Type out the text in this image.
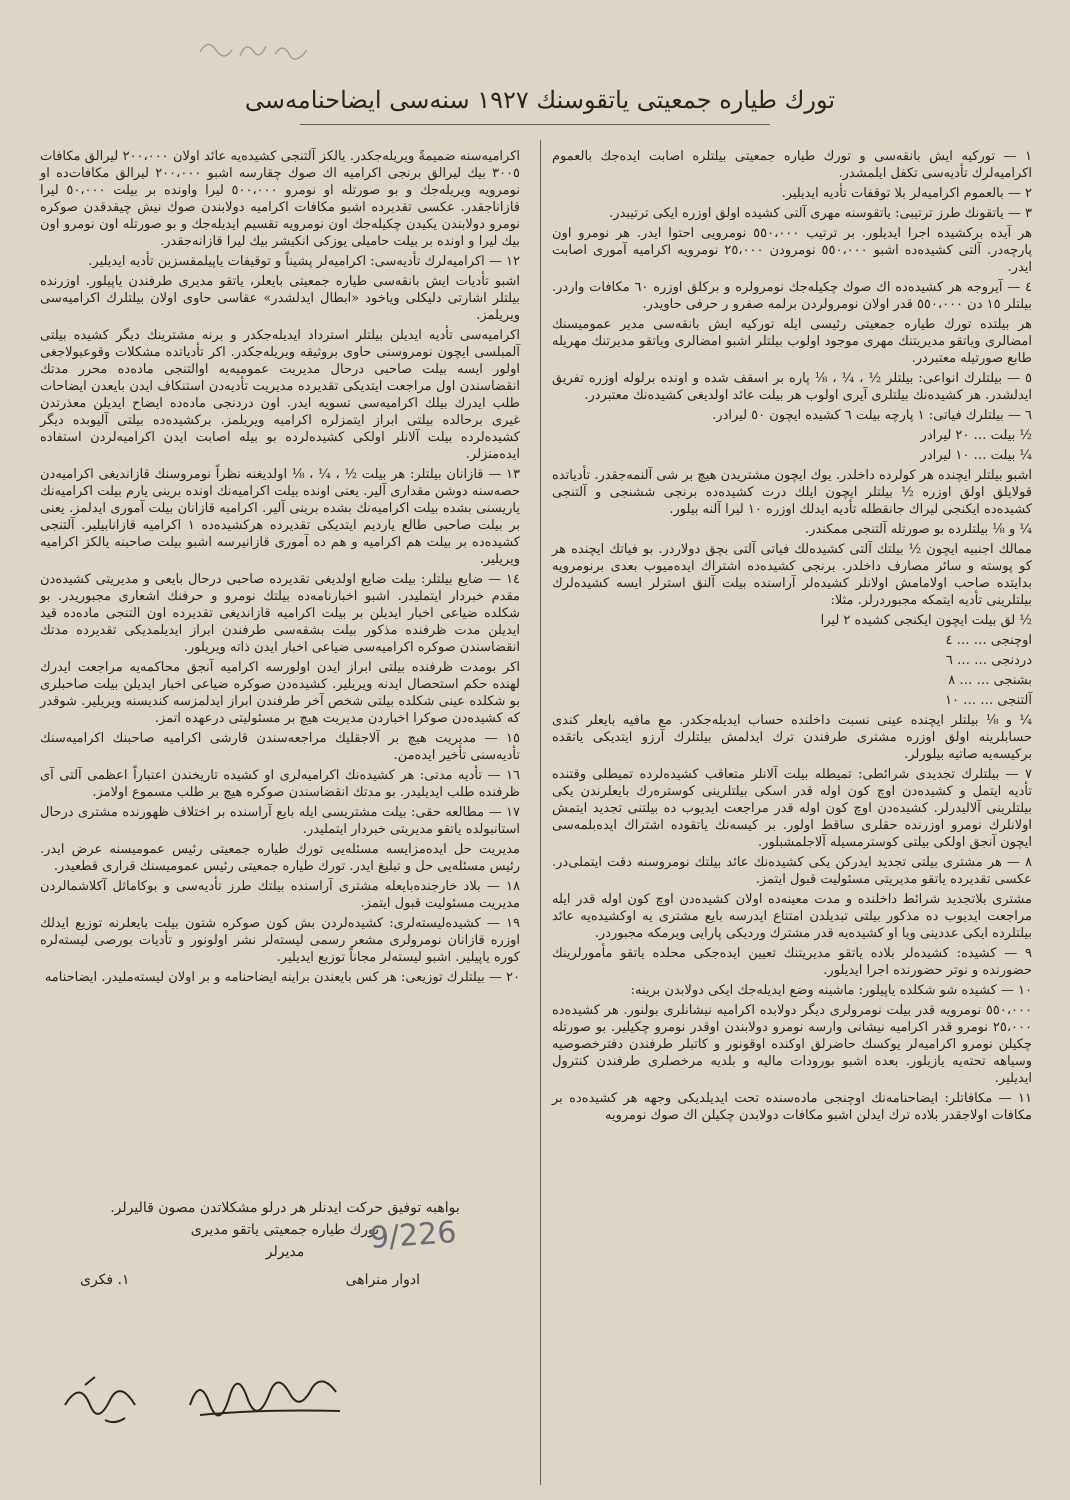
تورك طیاره جمعیتی یاتقوسنك ۱۹۲۷ سنه‌سی ایضاحنامه‌سی

۱ — توركیه ایش بانقه‌سی و تورك طیاره جمعیتی بیلتلره اصابت ایده‌جك بالعموم اكرامیه‌لرك تأدیه‌سی تكفل ایلمشدر.

۲ — بالعموم اكرامیه‌لر بلا توقفات تأدیه ایدیلیر.

۳ — یاتقونك طرز ترتیبی: یاتقوسنه مهری آلتی كشیده اولق اوزره ایكی ترتیبدر.

هر آیده بركشیده اجرا ایدیلور. بر ترتیب ٥٥٠،٠٠٠ نومرویی احتوا ایدر. هر نومرو اون پارچه‌در. آلتی كشیده‌ده اشبو ٥٥٠،٠٠٠ نومرودن ٢٥،٠٠٠ نومرویه اكرامیه آموری اصابت ایدر.

٤ — آیروجه هر كشیده‌ده اك صوك چكیله‌جك نومرولره و بركلق اوزره ٦٠ مكافات واردر. بیلتلر ١٥ دن ٥٥٠،٠٠٠ قدر اولان نومرولردن برلمه صفرو ر حرفی حاویدر.

هر بیلتده تورك طیاره جمعیتی رئیسی ایله توركیه ایش بانقه‌سی مدیر عمومیسنك امضالری ویاتقو مدیریتنك مهری موجود اولوب بیلتلر اشبو امضالری ویاتقو مدیرتنك مهریله طابع صورتیله معتبردر.

٥ — بیلتلرك انواعی: بیلتلر ½ ، ¼ ، ⅛ پاره بر اسقف شده و اونده برلوله اوزره تفریق ایدلشدر. هر كشیده‌نك بیلتلری آیری اولوب هر بیلت عائد اولدیغی كشیده‌نك معتبردر.

٦ — بیلتلرك فیاتی: ١ پارچه بیلت ٦ كشیده ایچون ٥٠ لیرادر.

½ بیلت … ٢٠ لیرادر

¼ بیلت … ١٠ لیرادر

اشبو بیلتلر ایچنده هر كولرده داخلدر. یوك ایچون مشتریدن هیچ بر شی آلنمه‌جقدر. تأدیاتده قولایلق اولق اوزره ½ بیلتلر ایچون ایلك درت كشیده‌ده برنجی ششنجی و آلتنجی كشیده‌ده ایكنجی لیراك جانقطله تأدیه ایدلك اوزره ١٠ لیرا آلنه بیلور.

¼ و ⅛ بیلتلرده بو صورتله آلتنجی ممكندر.

ممالك اجنبیه ایچون ½ بیلتك آلتی كشیده‌لك فیاتی آلتی بچق دولاردر. بو فیاتك ایچنده هر كو پوسته و سائر مصارف داخلدر. برنجی كشیده‌ده اشتراك ایده‌میوب بعدی برنومرویه بدایتده صاحب اولامامش اولانلر كشیده‌لر آراسنده بیلت آلنق استرلر ایسه كشیده‌لرك بیلتلرینی تأدیه ایتمكه مجبوردرلر. مثلا:

½ لق بیلت ایچون ایكنجی كشیده ٢ لیرا

اوچنجی … … ٤

دردنجی … … ٦

بشنجی … … ٨

آلتنجی … … ١٠

¼ و ⅛ بیلتلر ایچنده عینی نسبت داخلنده حساب ایدیله‌جكدر. مع مافیه بایعلر كندی حسابلرینه اولق اوزره مشتری طرفندن ترك ایدلمش بیلتلرك آرزو ایتدیكی یاتقده بركیسه‌یه صاتیه بیلورلر.

۷ — بیلتلرك تجدیدی شرائطی: تمیطله بیلت آلانلر متعاقب كشیده‌لرده تمیطلی وقتنده تأدیه ایتمل و كشیده‌دن اوچ كون اوله قدر اسكی بیلتلرینی كوستره‌رك بایعلرندن یكی بیلتلرینی آلالیدرلر. كشیده‌دن اوچ كون اوله قدر مراجعت ایدیوب ده بیلتنی تجدید ایتمش اولانلرك نومرو اوزرنده حقلری ساقط اولور. بر كیسه‌نك یاتقوده اشتراك ایده‌بلمه‌سی ایچون آنجق اولكی بیلتی كوسترمسیله آلاجلمشبلور.

۸ — هر مشتری بیلتی تجدید ایدرکن یكی كشیده‌نك عائد بیلتك نومروسنه دقت ایتملی‌در. عكسی تقدیرده یاتقو مدیریتی مسئولیت قبول ایتمز.

مشتری بلاتجدید شرائط داخلنده و مدت معینه‌ده اولان كشیده‌دن اوچ كون اوله قدر ایله مراجعت ایدیوب ده مذكور بیلتی تبدیلدن امتناع ایدرسه بایع مشتری یه اوكشیده‌یه عائد بیلتلرده ایكی عددینی ویا او كشیده‌یه قدر مشترك وردیكی پارایی ویرمكه مجبوردر.

۹ — كشیده: كشیده‌لر بلاده یاتقو مدیریتنك تعیین ایده‌جكی محلده یاتقو مأمورلرینك حضورنده و نوتر حضورنده اجرا ایدیلور.

۱۰ — كشیده شو شكلده یاپیلور: ماشینه وضع ایدیله‌جك ایكی دولابدن برینه:

٥٥٠،٠٠٠ نومرویه قدر بیلت نومرولری دیگر دولابده اكرامیه نیشانلری بولنور. هر كشیده‌ده ٢٥،٠٠٠ نومرو قدر اكرامیه نیشانی وارسه نومرو دولابندن اوقدر نومرو چكیلیر. بو صورتله چكیلن نومرو اكرامیه‌لر یوكسك حاضرلق اوكنده اوقونور و كاتبلر طرفندن دفترخصوصیه وسیاهه تحته‌یه یازیلور. بعده اشبو بورودات مالیه و بلدیه مرخصلری طرفندن كنترول ایدیلیر.

۱۱ — مكافاتلر: ایضاحنامه‌نك اوچنجی ماده‌سنده تحت ایدیلدیكی وجهه هر كشیده‌ده بر مكافات اولاجقدر بلاده ترك ایدلن اشبو مكافات دولابدن چكیلن اك صوك نومرویه

اكرامیه‌سنه ضمیمةً ویریله‌جكدر. یالكز آلتنجی كشیده‌یه عائد اولان ٢٠٠،٠٠٠ لیرالق مكافات ٣٠٠٥ بیك لیرالق برنجی اكرامیه اك صوك چقارسه اشبو ٢٠٠،٠٠٠ لیرالق مكافات‌ده او نومرویه ویریله‌جك و بو صورتله او نومرو ٥٠٠،٠٠٠ لیرا واونده بر بیلت ٥٠،٠٠٠ لیرا قازاناجقدر. عكسی تقدیرده اشبو مكافات اكرامیه دولابندن صوك نیش چیقدقدن صوكره نومرو دولابندن یكیدن چكیله‌جك اون نومرویه تقسیم ایدیله‌جك و بو صورتله اون نومرو اون بیك لیرا و اونده بر بیلت حامیلی یوزكی انكیشر بیك لیرا قازانه‌جقدر.

۱۲ — اكرامیه‌لرك تأدیه‌سی: اكرامیه‌لر پشیناً و توقیفات یاپیلمقسزین تأدیه ایدیلیر.

اشبو تأدیات ایش بانقه‌سی طیاره جمعیتی بایعلر، یاتقو مدیری طرفندن یاپیلور. اوزرنده بیلتلر اشارتی دلیكلی ویاخود «ابطال ایدلشدر» عقاسی حاوی اولان بیلتلرك اكرامیه‌سی ویریلمز.

اكرامیه‌سی تأدیه ایدیلن بیلتلر استرداد ایدیله‌جكدر و برنه مشترینك دیگر كشیده بیلتی آلمبلسی ایچون نومروسنی حاوی بروثیقه ویریله‌جكدر. اكر تأدیاتده مشكلات وقوعبولاجغی اولور ایسه بیلت صاحبی درحال مدیریت عمومیه‌یه اوالتنجی ماده‌ده محرر مدتك انقضاسندن اول مراجعت ایتدیكی تقدیرده مدیریت تأدیه‌دن استنكاف ایدن بایعدن ایضاحات طلب ایدرك بیلك اكرامیه‌سی تسویه ایدر. اون دردنجی ماده‌ده ایضاح ایدیلن معذرتدن غیری برحالده بیلتی ابراز ایتمزلره اكرامیه ویریلمز. بركشیده‌ده بیلتی آلیوبده دیگر كشیده‌لرده بیلت آلانلر اولكی كشیده‌لرده بو بیله اصابت ایدن اكرامیه‌لردن استفاده ایده‌منزلر.

۱۳ — قازانان بیلتلر: هر بیلت ½ ، ¼ ، ⅛ اولدیغنه نظراً نومروسنك قازاندیغی اكرامیه‌دن حصه‌سنه دوشن مقداری آلیر. یعنی اونده بیلت اكرامیه‌نك اونده برینی یارم بیلت اكرامیه‌نك یاریسنی بشده بیلت اكرامیه‌نك بشده برینی آلیر. اكرامیه قازانان بیلت آموری ایدلمز. یعنی بر بیلت صاحبی طالع یاردیم ایتدیكی تقدیرده هركشیده‌ده ١ اكرامیه قازانابیلیر. آلتنجی كشیده‌ده بر بیلت هم اكرامیه و هم ده آموری قازانیرسه اشبو بیلت صاحبنه یالكز اكرامیه ویریلیر.

۱٤ — ضایع بیلتلر: بیلت ضایع اولدیغی تقدیرده صاحبی درحال بایعی و مدیریتی كشیده‌دن مقدم خبردار ایتملیدر. اشبو اخبارنامه‌ده بیلتك نومرو و حرفنك اشعاری مجبوریدر. بو شكلده ضیاعی اخبار ایدیلن بر بیلت اكرامیه قازاندیغی تقدیرده اون التنجی ماده‌ده قید ایدیلن مدت ظرفنده مذكور بیلت بشقه‌سی طرفندن ابراز ایدیلمدیكی تقدیرده مدتك انقضاسندن صوكره اكرامیه‌سی ضیاعی اخبار ایدن ذاته ویریلور.

اكر بومدت ظرفنده بیلتی ابراز ایدن اولورسه اكرامیه آنجق محاكمه‌یه مراجعت ایدرك لهنده حكم استحصال ایدنه ویریلیر. كشیده‌دن صوكره ضیاعی اخبار ایدیلن بیلت صاحبلری بو شكلده عینی شكلده بیلتی شخص آخر طرفندن ابراز ایدلمزسه كندیسنه ویریلیر. شوقدر كه كشیده‌دن صوكرا اخباردن مدیریت هیچ بر مسئولیتی درعهده اتمز.

۱٥ — مدیریت هیچ بر آلاجقلیك مراجعه‌سندن قارشی اكرامیه صاحبنك اكرامیه‌سنك تأدیه‌سنی تأخیر ایده‌من.

۱٦ — تأدیه مدتی: هر كشیده‌نك اكرامیه‌لری او كشیده تاریخندن اعتباراً اعظمی آلتی آی ظرفنده طلب ایدیلیدر. بو مدتك انقضاسندن صوكره هیچ بر طلب مسموع اولامز.

۱۷ — مطالعه حقی: بیلت مشتریسی ایله بایع آراسنده بر اختلاف ظهورنده مشتری درحال استانبولده یاتقو مدیریتی خبردار ایتملیدر.

مدیریت حل ایده‌مزایسه مسئله‌یی تورك طیاره جمعیتی رئیس عمومیسنه عرض ایدر. رئیس مسئله‌یی حل و تبلیغ ایدر. تورك طیاره جمعیتی رئیس عمومیسنك قراری قطعیدر.

۱۸ — بلاد خارجنده‌بایعله مشتری آراسنده بیلتك طرز تأدیه‌سی و بوكاماثل آكلاشمالردن مدیریت مسئولیت قبول ایتمز.

۱۹ — كشیده‌لیسته‌لری: كشیده‌لردن بش كون صوكره شتون بیلت بایعلرنه توزیع ایدلك اوزره قازانان نومرولری مشعر رسمی لیسته‌لر نشر اولونور و تأدیات بورصی لیسته‌لره كوره یاپیلیر. اشبو لیسته‌لر مجاناً توزیع ایدیلیر.

۲۰ — بیلتلرك توزیعی: هر كس بایعندن براینه ایضاحنامه و بر اولان لیسته‌ملیدر. ایضاحنامه

بواهبه توفیق حركت ایدنلر هر درلو مشكلاتدن مصون قالیرلر.
تورك طیاره جمعیتی یاتقو مدیری
مدیرلر
ادوار منراهی
١. فكری
9/226
